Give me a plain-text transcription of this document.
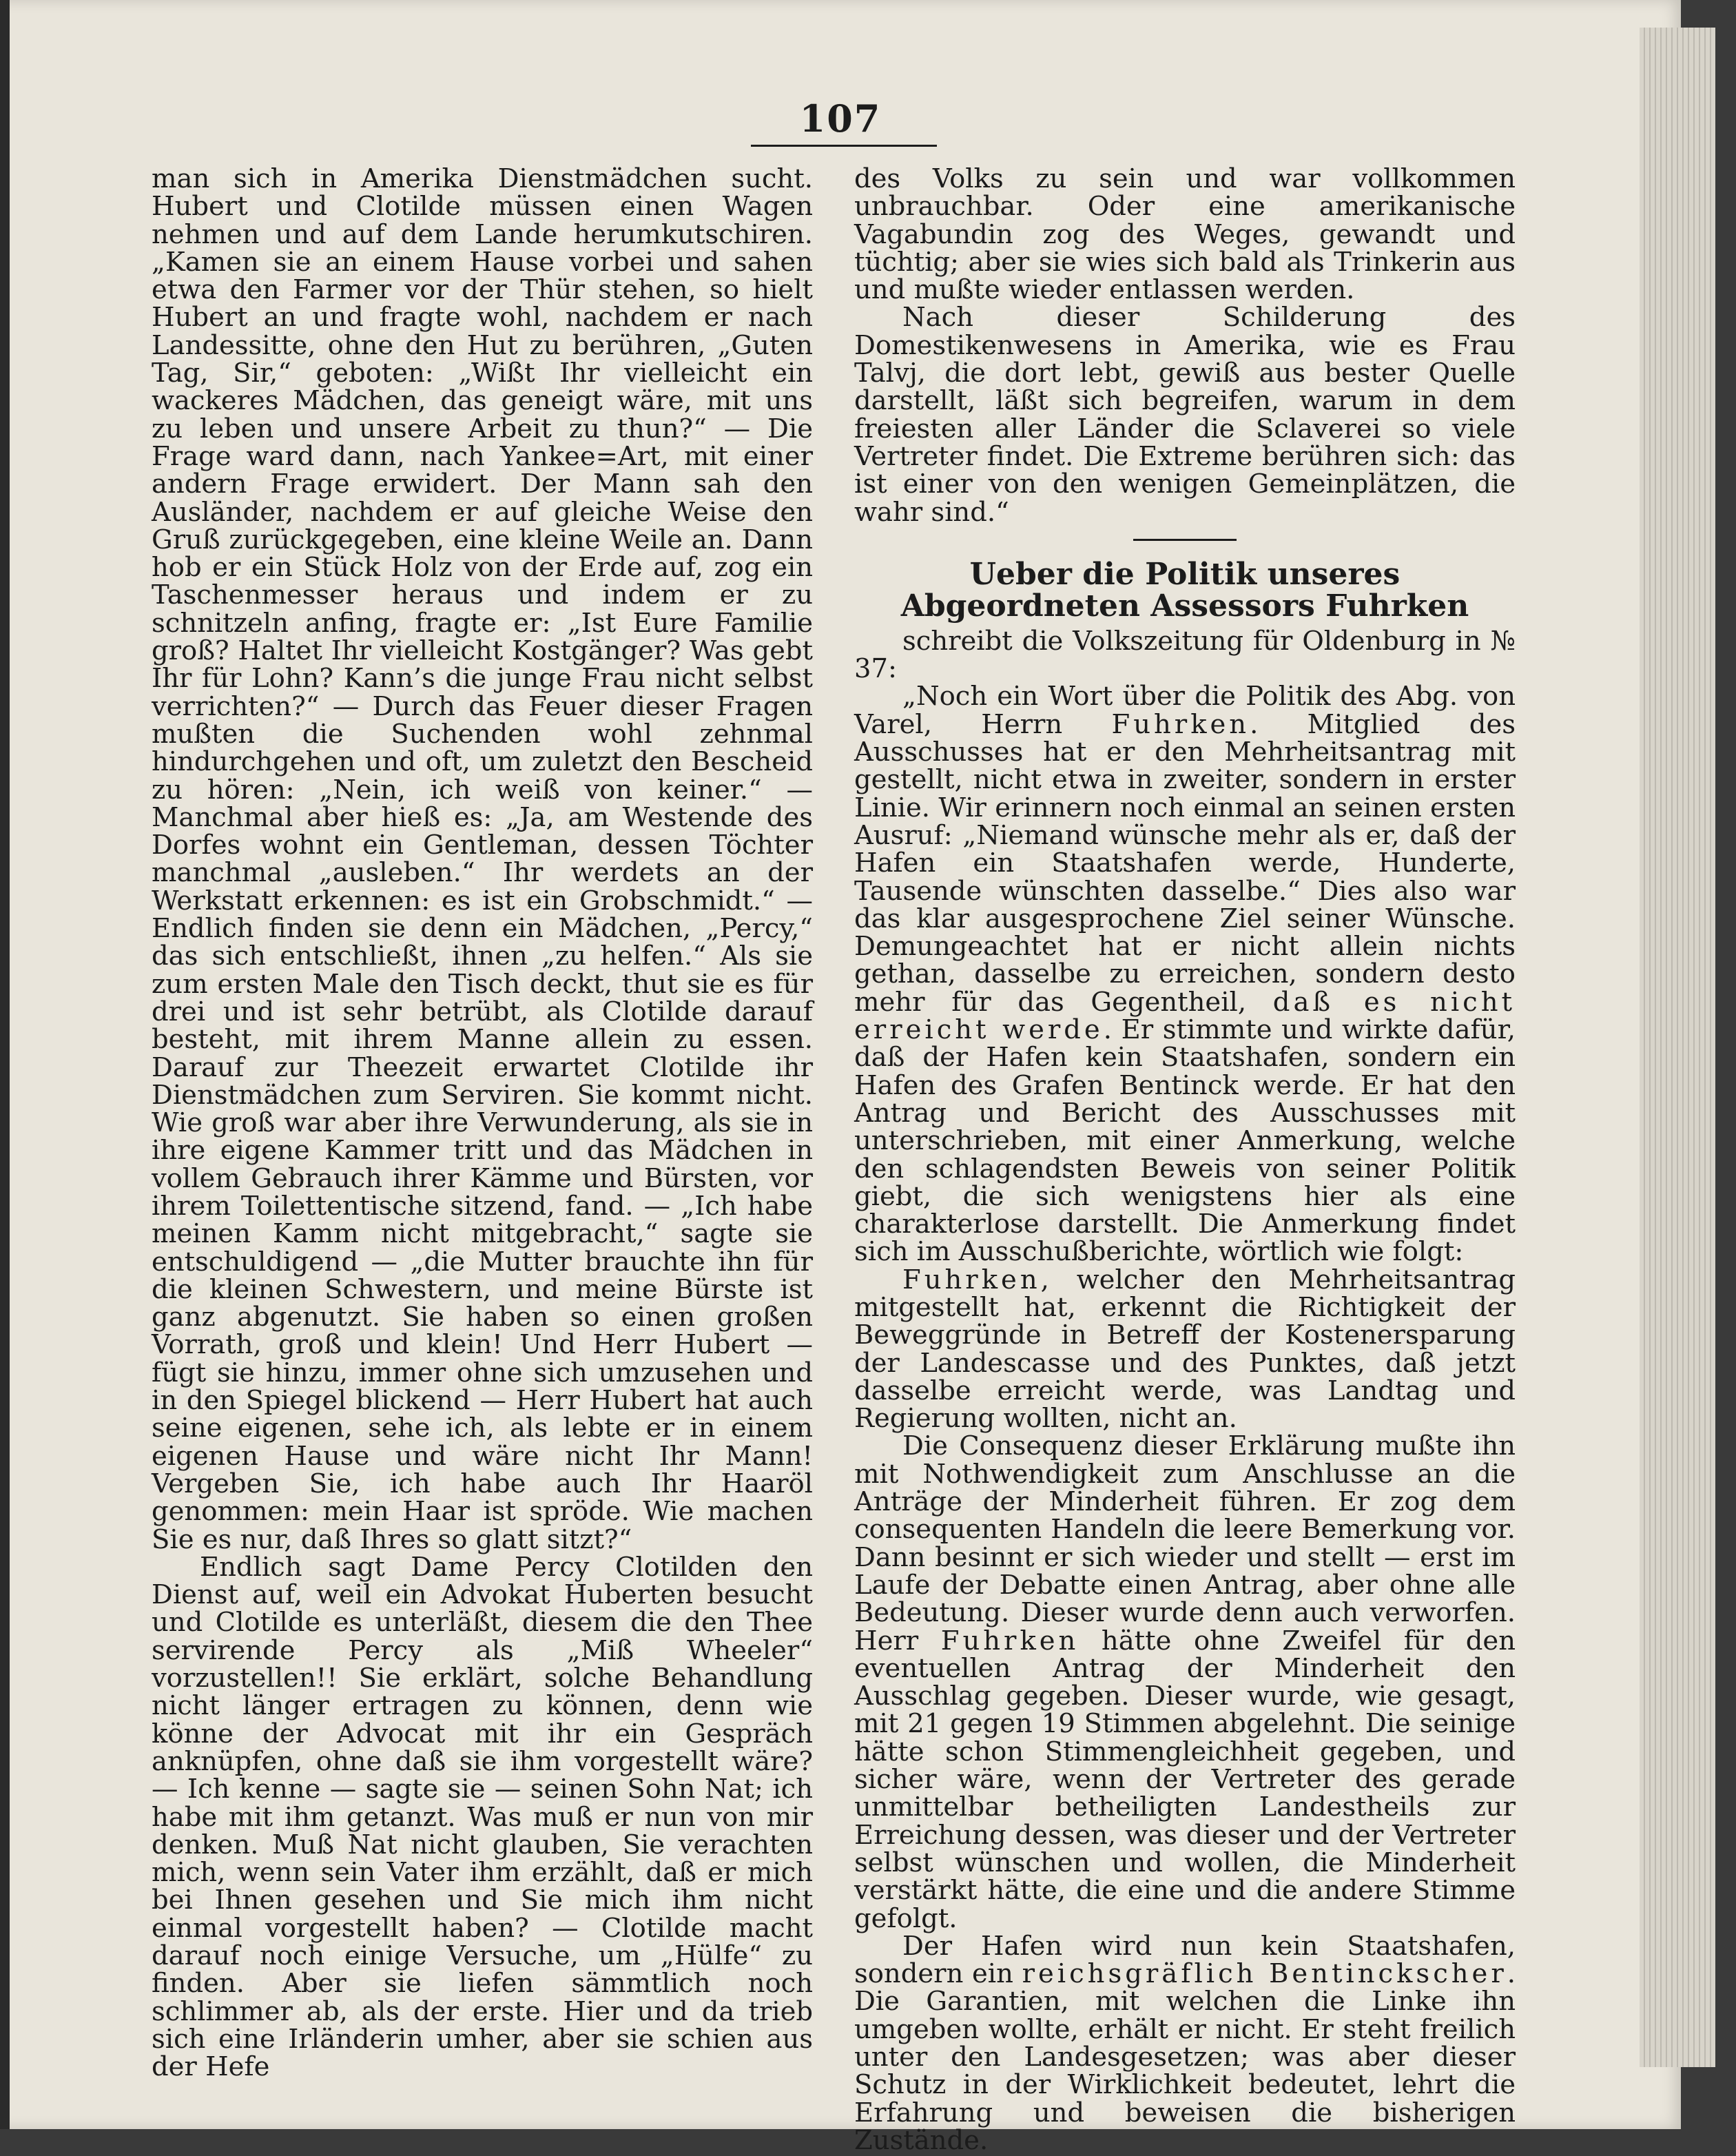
107

man sich in Amerika Dienstmädchen sucht. Hubert und Clotilde müssen einen Wagen nehmen und auf dem Lande herumkutschiren. „Kamen sie an einem Hause vorbei und sahen etwa den Farmer vor der Thür stehen, so hielt Hubert an und fragte wohl, nachdem er nach Landessitte, ohne den Hut zu berühren, „Guten Tag, Sir,“ geboten: „Wißt Ihr vielleicht ein wackeres Mädchen, das geneigt wäre, mit uns zu leben und unsere Arbeit zu thun?“ — Die Frage ward dann, nach Yankee=Art, mit einer andern Frage erwidert. Der Mann sah den Ausländer, nachdem er auf gleiche Weise den Gruß zurückgegeben, eine kleine Weile an. Dann hob er ein Stück Holz von der Erde auf, zog ein Taschenmesser heraus und indem er zu schnitzeln anfing, fragte er: „Ist Eure Familie groß? Haltet Ihr vielleicht Kostgänger? Was gebt Ihr für Lohn? Kann’s die junge Frau nicht selbst verrichten?“ — Durch das Feuer dieser Fragen mußten die Suchenden wohl zehnmal hindurchgehen und oft, um zuletzt den Bescheid zu hören: „Nein, ich weiß von keiner.“ — Manchmal aber hieß es: „Ja, am Westende des Dorfes wohnt ein Gentleman, dessen Töchter manchmal „ausleben.“ Ihr werdets an der Werkstatt erkennen: es ist ein Grobschmidt.“ — Endlich finden sie denn ein Mädchen, „Percy,“ das sich entschließt, ihnen „zu helfen.“ Als sie zum ersten Male den Tisch deckt, thut sie es für drei und ist sehr betrübt, als Clotilde darauf besteht, mit ihrem Manne allein zu essen. Darauf zur Theezeit erwartet Clotilde ihr Dienstmädchen zum Serviren. Sie kommt nicht. Wie groß war aber ihre Verwunderung, als sie in ihre eigene Kammer tritt und das Mädchen in vollem Gebrauch ihrer Kämme und Bürsten, vor ihrem Toilettentische sitzend, fand. — „Ich habe meinen Kamm nicht mitgebracht,“ sagte sie entschuldigend — „die Mutter brauchte ihn für die kleinen Schwestern, und meine Bürste ist ganz abgenutzt. Sie haben so einen großen Vorrath, groß und klein! Und Herr Hubert — fügt sie hinzu, immer ohne sich umzusehen und in den Spiegel blickend — Herr Hubert hat auch seine eigenen, sehe ich, als lebte er in einem eigenen Hause und wäre nicht Ihr Mann! Vergeben Sie, ich habe auch Ihr Haaröl genommen: mein Haar ist spröde. Wie machen Sie es nur, daß Ihres so glatt sitzt?“

Endlich sagt Dame Percy Clotilden den Dienst auf, weil ein Advokat Huberten besucht und Clotilde es unterläßt, diesem die den Thee servirende Percy als „Miß Wheeler“ vorzustellen!! Sie erklärt, solche Behandlung nicht länger ertragen zu können, denn wie könne der Advocat mit ihr ein Gespräch anknüpfen, ohne daß sie ihm vorgestellt wäre? — Ich kenne — sagte sie — seinen Sohn Nat; ich habe mit ihm getanzt. Was muß er nun von mir denken. Muß Nat nicht glauben, Sie verachten mich, wenn sein Vater ihm erzählt, daß er mich bei Ihnen gesehen und Sie mich ihm nicht einmal vorgestellt haben? — Clotilde macht darauf noch einige Versuche, um „Hülfe“ zu finden. Aber sie liefen sämmtlich noch schlimmer ab, als der erste. Hier und da trieb sich eine Irländerin umher, aber sie schien aus der Hefe

des Volks zu sein und war vollkommen unbrauchbar. Oder eine amerikanische Vagabundin zog des Weges, gewandt und tüchtig; aber sie wies sich bald als Trinkerin aus und mußte wieder entlassen werden.

Nach dieser Schilderung des Domestikenwesens in Amerika, wie es Frau Talvj, die dort lebt, gewiß aus bester Quelle darstellt, läßt sich begreifen, warum in dem freiesten aller Länder die Sclaverei so viele Vertreter findet. Die Extreme berühren sich: das ist einer von den wenigen Gemeinplätzen, die wahr sind.“

Ueber die Politik unseres Abgeordneten Assessors Fuhrken

schreibt die Volkszeitung für Oldenburg in № 37:

„Noch ein Wort über die Politik des Abg. von Varel, Herrn Fuhrken. Mitglied des Ausschusses hat er den Mehrheitsantrag mit gestellt, nicht etwa in zweiter, sondern in erster Linie. Wir erinnern noch einmal an seinen ersten Ausruf: „Niemand wünsche mehr als er, daß der Hafen ein Staatshafen werde, Hunderte, Tausende wünschten dasselbe.“ Dies also war das klar ausgesprochene Ziel seiner Wünsche. Demungeachtet hat er nicht allein nichts gethan, dasselbe zu erreichen, sondern desto mehr für das Gegentheil, daß es nicht erreicht werde. Er stimmte und wirkte dafür, daß der Hafen kein Staatshafen, sondern ein Hafen des Grafen Bentinck werde. Er hat den Antrag und Bericht des Ausschusses mit unterschrieben, mit einer Anmerkung, welche den schlagendsten Beweis von seiner Politik giebt, die sich wenigstens hier als eine charakterlose darstellt. Die Anmerkung findet sich im Ausschußberichte, wörtlich wie folgt:

Fuhrken, welcher den Mehrheitsantrag mitgestellt hat, erkennt die Richtigkeit der Beweggründe in Betreff der Kostenersparung der Landescasse und des Punktes, daß jetzt dasselbe erreicht werde, was Landtag und Regierung wollten, nicht an.

Die Consequenz dieser Erklärung mußte ihn mit Nothwendigkeit zum Anschlusse an die Anträge der Minderheit führen. Er zog dem consequenten Handeln die leere Bemerkung vor. Dann besinnt er sich wieder und stellt — erst im Laufe der Debatte einen Antrag, aber ohne alle Bedeutung. Dieser wurde denn auch verworfen. Herr Fuhrken hätte ohne Zweifel für den eventuellen Antrag der Minderheit den Ausschlag gegeben. Dieser wurde, wie gesagt, mit 21 gegen 19 Stimmen abgelehnt. Die seinige hätte schon Stimmengleichheit gegeben, und sicher wäre, wenn der Vertreter des gerade unmittelbar betheiligten Landestheils zur Erreichung dessen, was dieser und der Vertreter selbst wünschen und wollen, die Minderheit verstärkt hätte, die eine und die andere Stimme gefolgt.

Der Hafen wird nun kein Staatshafen, sondern ein reichsgräflich Bentinckscher. Die Garantien, mit welchen die Linke ihn umgeben wollte, erhält er nicht. Er steht freilich unter den Landesgesetzen; was aber dieser Schutz in der Wirklichkeit bedeutet, lehrt die Erfahrung und beweisen die bisherigen Zustände.
